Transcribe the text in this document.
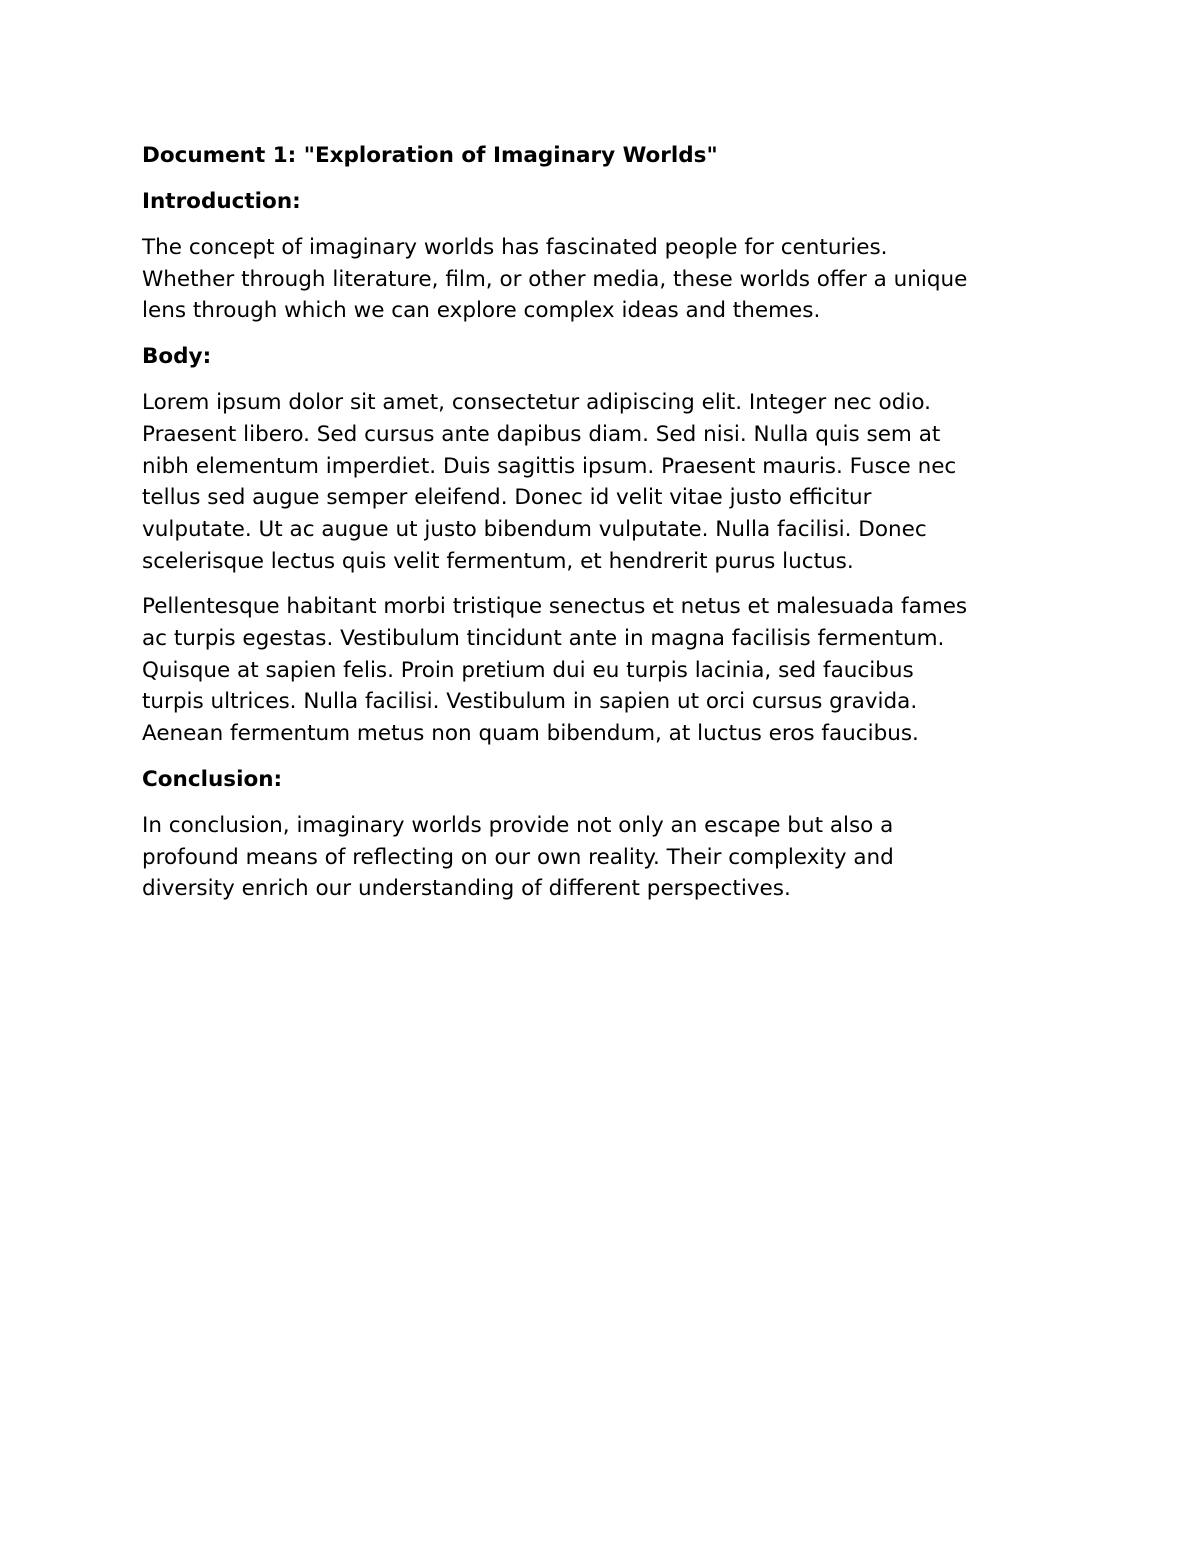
Document 1: "Exploration of Imaginary Worlds"
Introduction:
The concept of imaginary worlds has fascinated people for centuries.
Whether through literature, film, or other media, these worlds offer a unique
lens through which we can explore complex ideas and themes.
Body:
Lorem ipsum dolor sit amet, consectetur adipiscing elit. Integer nec odio.
Praesent libero. Sed cursus ante dapibus diam. Sed nisi. Nulla quis sem at
nibh elementum imperdiet. Duis sagittis ipsum. Praesent mauris. Fusce nec
tellus sed augue semper eleifend. Donec id velit vitae justo efficitur
vulputate. Ut ac augue ut justo bibendum vulputate. Nulla facilisi. Donec
scelerisque lectus quis velit fermentum, et hendrerit purus luctus.
Pellentesque habitant morbi tristique senectus et netus et malesuada fames
ac turpis egestas. Vestibulum tincidunt ante in magna facilisis fermentum.
Quisque at sapien felis. Proin pretium dui eu turpis lacinia, sed faucibus
turpis ultrices. Nulla facilisi. Vestibulum in sapien ut orci cursus gravida.
Aenean fermentum metus non quam bibendum, at luctus eros faucibus.
Conclusion:
In conclusion, imaginary worlds provide not only an escape but also a
profound means of reflecting on our own reality. Their complexity and
diversity enrich our understanding of different perspectives.
